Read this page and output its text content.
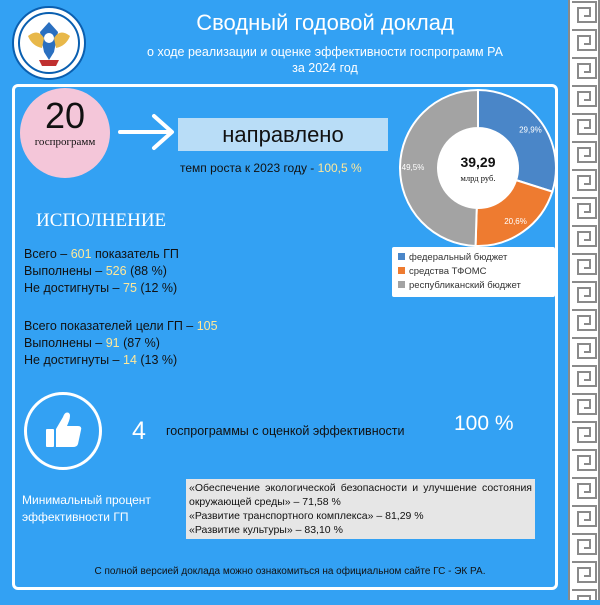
Сводный годовой доклад
о ходе реализации и оценке эффективности госпрограмм РА
за 2024 год
20
госпрограмм	направлено
темп роста к 2023 году - 100,5 %
ИСПОЛНЕНИЕ
Всего – 601 показатель ГП
Выполнены – 526 (88 %)
Не достигнуты – 75 (12 %)
Всего показателей цели ГП – 105
Выполнены – 91 (87 %)
Не достигнуты – 14 (13 %)
29,9%
20,6%
49,5%	39,29
млрд руб.
федеральный бюджет
средства ТФОМС
республиканский бюджет
4 госпрограммы с оценкой эффективности 100 %
Минимальный процент
эффективности ГП
«Обеспечение экологической безопасности и улучшение состояния окружающей среды» – 71,58 %
«Развитие транспортного комплекса» – 81,29 %
«Развитие культуры» – 83,10 %
С полной версией доклада можно ознакомиться на официальном сайте ГС - ЭК РА.
